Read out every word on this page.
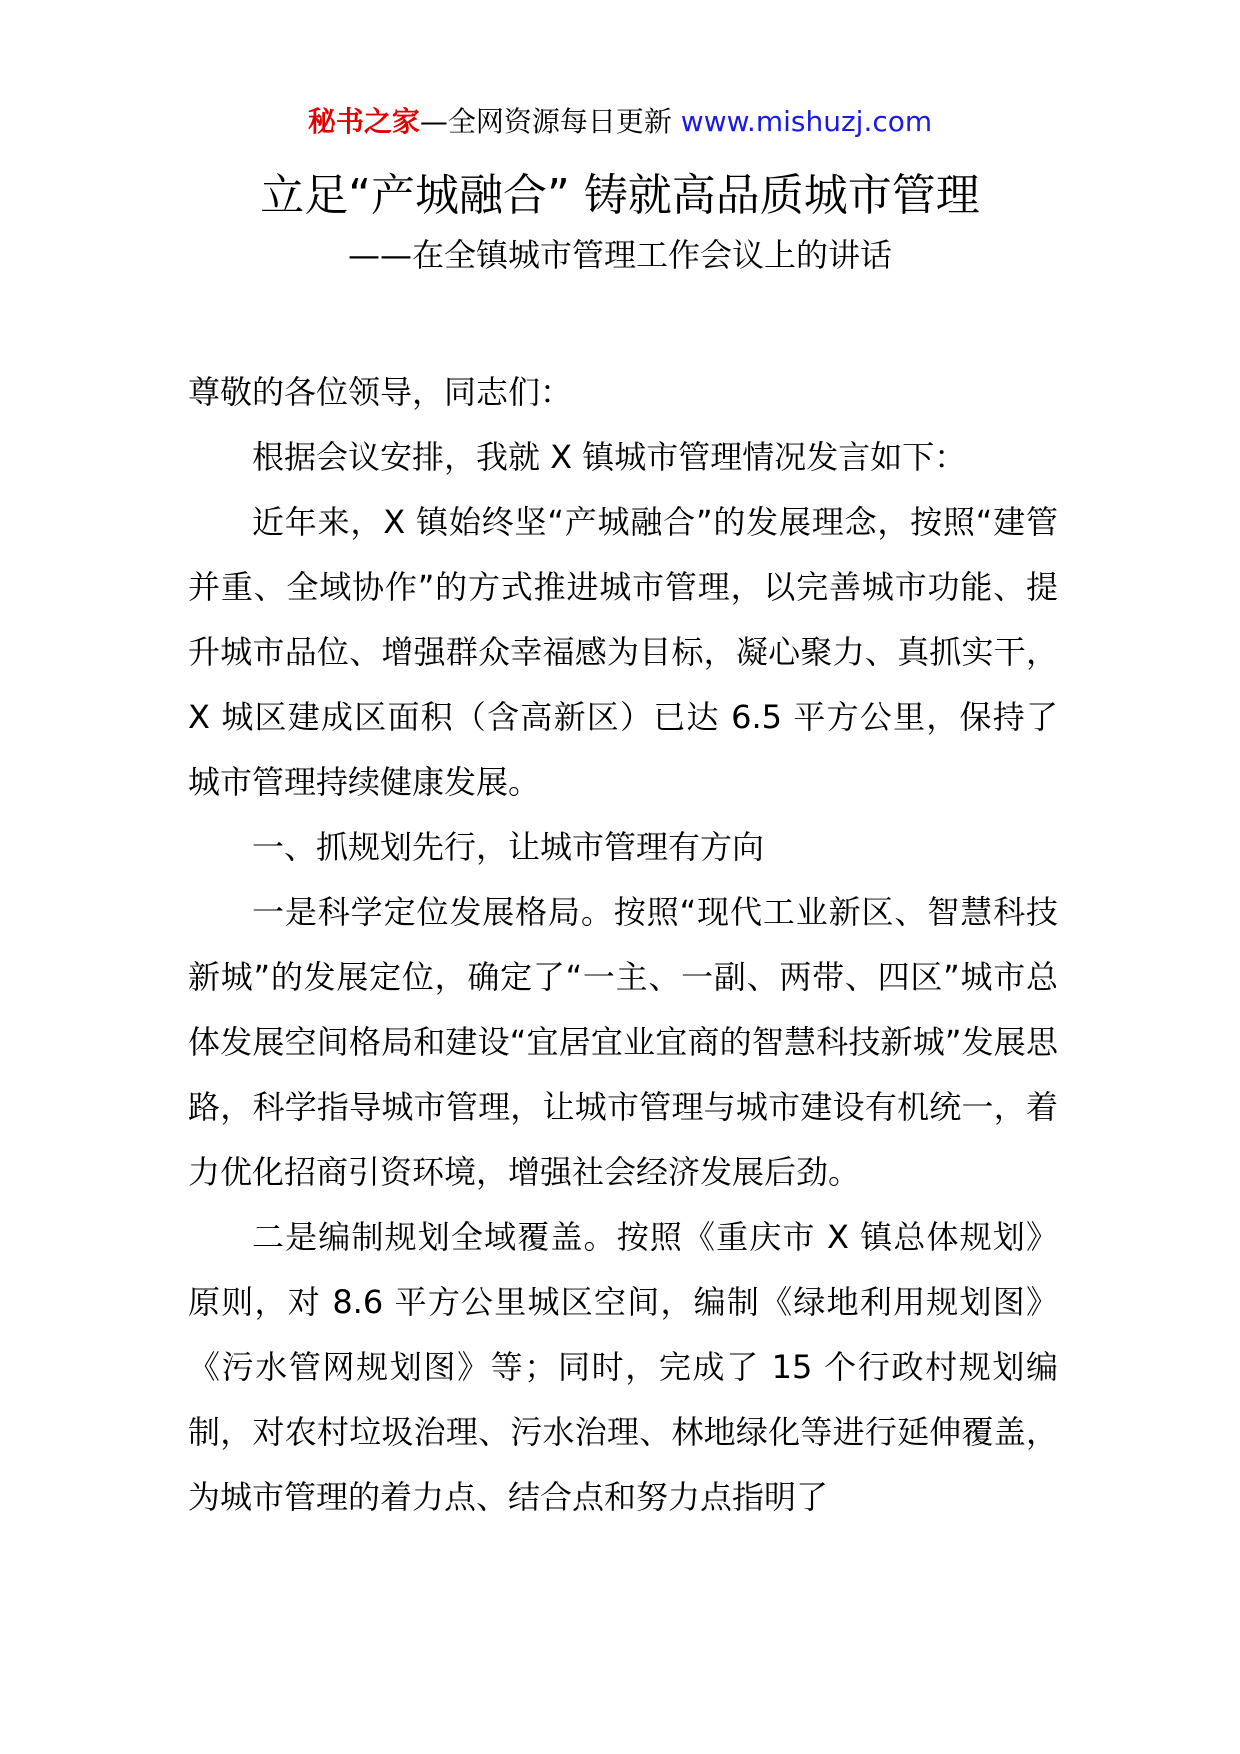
秘书之家—全网资源每日更新 www.mishuzj.com
立足“产城融合” 铸就高品质城市管理
——在全镇城市管理工作会议上的讲话

尊敬的各位领导，同志们：

根据会议安排，我就 X 镇城市管理情况发言如下：

近年来，X 镇始终坚“产城融合”的发展理念，按照“建管并重、全域协作”的方式推进城市管理，以完善城市功能、提升城市品位、增强群众幸福感为目标，凝心聚力、真抓实干，X 城区建成区面积（含高新区）已达 6.5 平方公里，保持了城市管理持续健康发展。

一、抓规划先行，让城市管理有方向

一是科学定位发展格局。按照“现代工业新区、智慧科技新城”的发展定位，确定了“一主、一副、两带、四区”城市总体发展空间格局和建设“宜居宜业宜商的智慧科技新城”发展思路，科学指导城市管理，让城市管理与城市建设有机统一，着力优化招商引资环境，增强社会经济发展后劲。

二是编制规划全域覆盖。按照《重庆市 X 镇总体规划》原则，对 8.6 平方公里城区空间，编制《绿地利用规划图》《污水管网规划图》等；同时，完成了 15 个行政村规划编制，对农村垃圾治理、污水治理、林地绿化等进行延伸覆盖，为城市管理的着力点、结合点和努力点指明了
